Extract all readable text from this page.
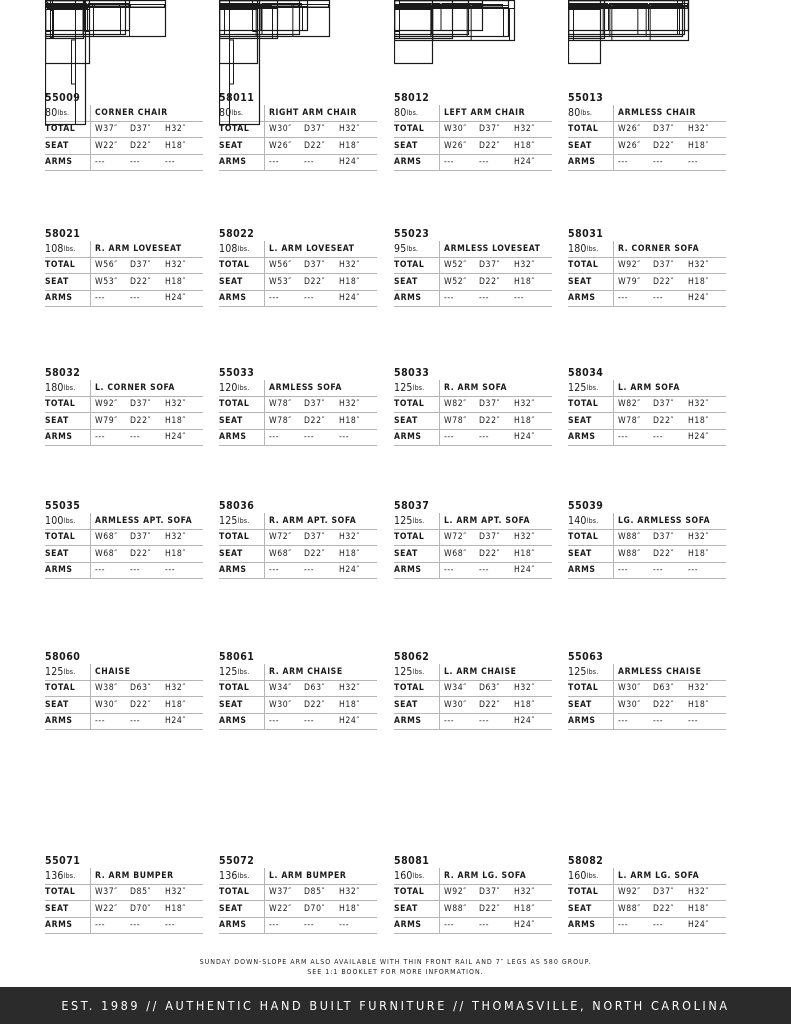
55009
80 lbs.	CORNER CHAIR
TOTAL	W37″ D37″ H32″
SEAT	W22″ D22″ H18″
ARMS	---	---	---
58011
80 lbs.	RIGHT ARM CHAIR
TOTAL	W30″ D37″ H32″
SEAT	W26″ D22″ H18″
ARMS	---	---	H24″
58012
80 lbs.	LEFT ARM CHAIR
TOTAL	W30″ D37″ H32″
SEAT	W26″ D22″ H18″
ARMS	---	---	H24″
55013
80 lbs.	ARMLESS CHAIR
TOTAL	W26″ D37″ H32″
SEAT	W26″ D22″ H18″
ARMS	---	---	---
58021
108 lbs.	R. ARM LOVESEAT
TOTAL	W56″ D37″ H32″
SEAT	W53″ D22″ H18″
ARMS	---	---	H24″
58022
108 lbs.	L. ARM LOVESEAT
TOTAL	W56″ D37″ H32″
SEAT	W53″ D22″ H18″
ARMS	---	---	H24″
55023
95 lbs.	ARMLESS LOVESEAT
TOTAL	W52″ D37″ H32″
SEAT	W52″ D22″ H18″
ARMS	---	---	---
58031
180 lbs.	R. CORNER SOFA
TOTAL	W92″ D37″ H32″
SEAT	W79″ D22″ H18″
ARMS	---	---	H24″
58032
180 lbs.	L. CORNER SOFA
TOTAL	W92″ D37″ H32″
SEAT	W79″ D22″ H18″
ARMS	---	---	H24″
55033
120 lbs.	ARMLESS SOFA
TOTAL	W78″ D37″ H32″
SEAT	W78″ D22″ H18″
ARMS	---	---	---
58033
125 lbs.	R. ARM SOFA
TOTAL	W82″ D37″ H32″
SEAT	W78″ D22″ H18″
ARMS	---	---	H24″
58034
125 lbs.	L. ARM SOFA
TOTAL	W82″ D37″ H32″
SEAT	W78″ D22″ H18″
ARMS	---	---	H24″
55035
100 lbs.	ARMLESS APT. SOFA
TOTAL	W68″ D37″ H32″
SEAT	W68″ D22″ H18″
ARMS	---	---	---
58036
125 lbs.	R. ARM APT. SOFA
TOTAL	W72″ D37″ H32″
SEAT	W68″ D22″ H18″
ARMS	---	---	H24″
58037
125 lbs.	L. ARM APT. SOFA
TOTAL	W72″ D37″ H32″
SEAT	W68″ D22″ H18″
ARMS	---	---	H24″
55039
140 lbs.	LG. ARMLESS SOFA
TOTAL	W88″ D37″ H32″
SEAT	W88″ D22″ H18″
ARMS	---	---	---
58060
125 lbs.	CHAISE
TOTAL	W38″ D63″ H32″
SEAT	W30″ D22″ H18″
ARMS	---	---	H24″
58061
125 lbs.	R. ARM CHAISE
TOTAL	W34″ D63″ H32″
SEAT	W30″ D22″ H18″
ARMS	---	---	H24″
58062
125 lbs.	L. ARM CHAISE
TOTAL	W34″ D63″ H32″
SEAT	W30″ D22″ H18″
ARMS	---	---	H24″
55063
125 lbs.	ARMLESS CHAISE
TOTAL	W30″ D63″ H32″
SEAT	W30″ D22″ H18″
ARMS	---	---	---
55071
136 lbs.	R. ARM BUMPER
TOTAL	W37″ D85″ H32″
SEAT	W22″ D70″ H18″
ARMS	---	---	---
55072
136 lbs.	L. ARM BUMPER
TOTAL	W37″ D85″ H32″
SEAT	W22″ D70″ H18″
ARMS	---	---	---
58081
160 lbs.	R. ARM LG. SOFA
TOTAL	W92″ D37″ H32″
SEAT	W88″ D22″ H18″
ARMS	---	---	H24″
58082
160 lbs.	L. ARM LG. SOFA
TOTAL	W92″ D37″ H32″
SEAT	W88″ D22″ H18″
ARMS	---	---	H24″
SUNDAY DOWN-SLOPE ARM ALSO AVAILABLE WITH THIN FRONT RAIL AND 7″ LEGS AS 580 GROUP.
SEE 1:1 BOOKLET FOR MORE INFORMATION.
EST. 1989 // AUTHENTIC HAND BUILT FURNITURE // THOMASVILLE, NORTH CAROLINA
